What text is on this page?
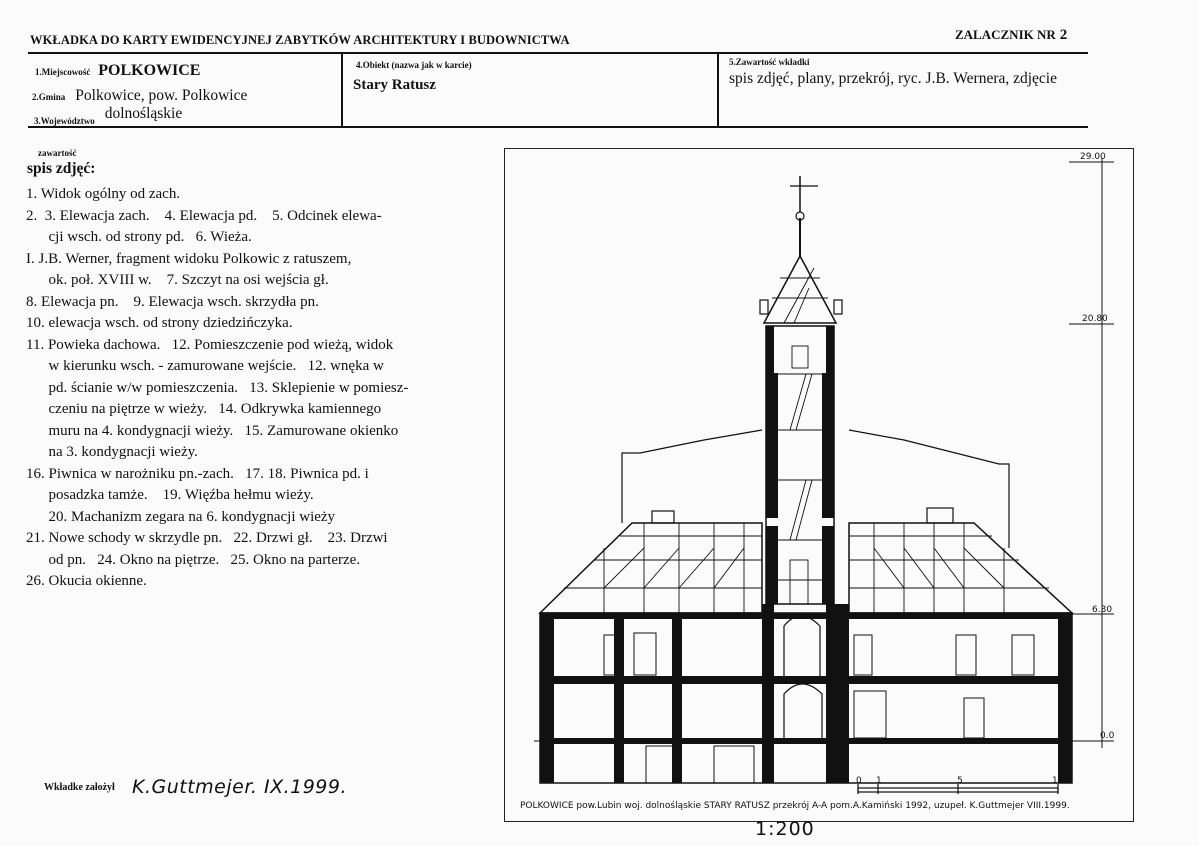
WKŁADKA DO KARTY EWIDENCYJNEJ ZABYTKÓW ARCHITEKTURY I BUDOWNICTWA	ZALACZNIK NR 2
1.Miejscowość POLKOWICE
2.Gmina Polkowice, pow. Polkowice
3.Województwo dolnośląskie
4.Obiekt (nazwa jak w karcie)
Stary Ratusz
5.Zawartość wkładki
spis zdjęć, plany, przekrój, ryc. J.B. Wernera, zdjęcie
zawartość
spis zdjęć:
1. Widok ogólny od zach.
2.  3. Elewacja zach.    4. Elewacja pd.    5. Odcinek elewa-
cji wsch. od strony pd.   6. Wieża.
I. J.B. Werner, fragment widoku Polkowic z ratuszem,
ok. poł. XVIII w.    7. Szczyt na osi wejścia gł.
8. Elewacja pn.    9. Elewacja wsch. skrzydła pn.
10. elewacja wsch. od strony dziedzińczyka.
11. Powieka dachowa.   12. Pomieszczenie pod wieżą, widok
w kierunku wsch. - zamurowane wejście.   12. wnęka w
pd. ścianie w/w pomieszczenia.   13. Sklepienie w pomiesz-
czeniu na piętrze w wieży.   14. Odkrywka kamiennego
muru na 4. kondygnacji wieży.   15. Zamurowane okienko
na 3. kondygnacji wieży.
16. Piwnica w narożniku pn.-zach.   17. 18. Piwnica pd. i
posadzka tamże.    19. Więźba hełmu wieży.
20. Machanizm zegara na 6. kondygnacji wieży
21. Nowe schody w skrzydle pn.   22. Drzwi gł.    23. Drzwi
od pn.   24. Okno na piętrze.   25. Okno na parterze.
26. Okucia okienne.
Wkładke założył K.Guttmejer. IX.1999.
29.00
20.80
6.30
0.0
0 1	5	10m
POLKOWICE pow.Lubin woj. dolnośląskie STARY RATUSZ przekrój A-A pom.A.Kamiński 1992, uzupeł. K.Guttmejer VIII.1999.
1:200
